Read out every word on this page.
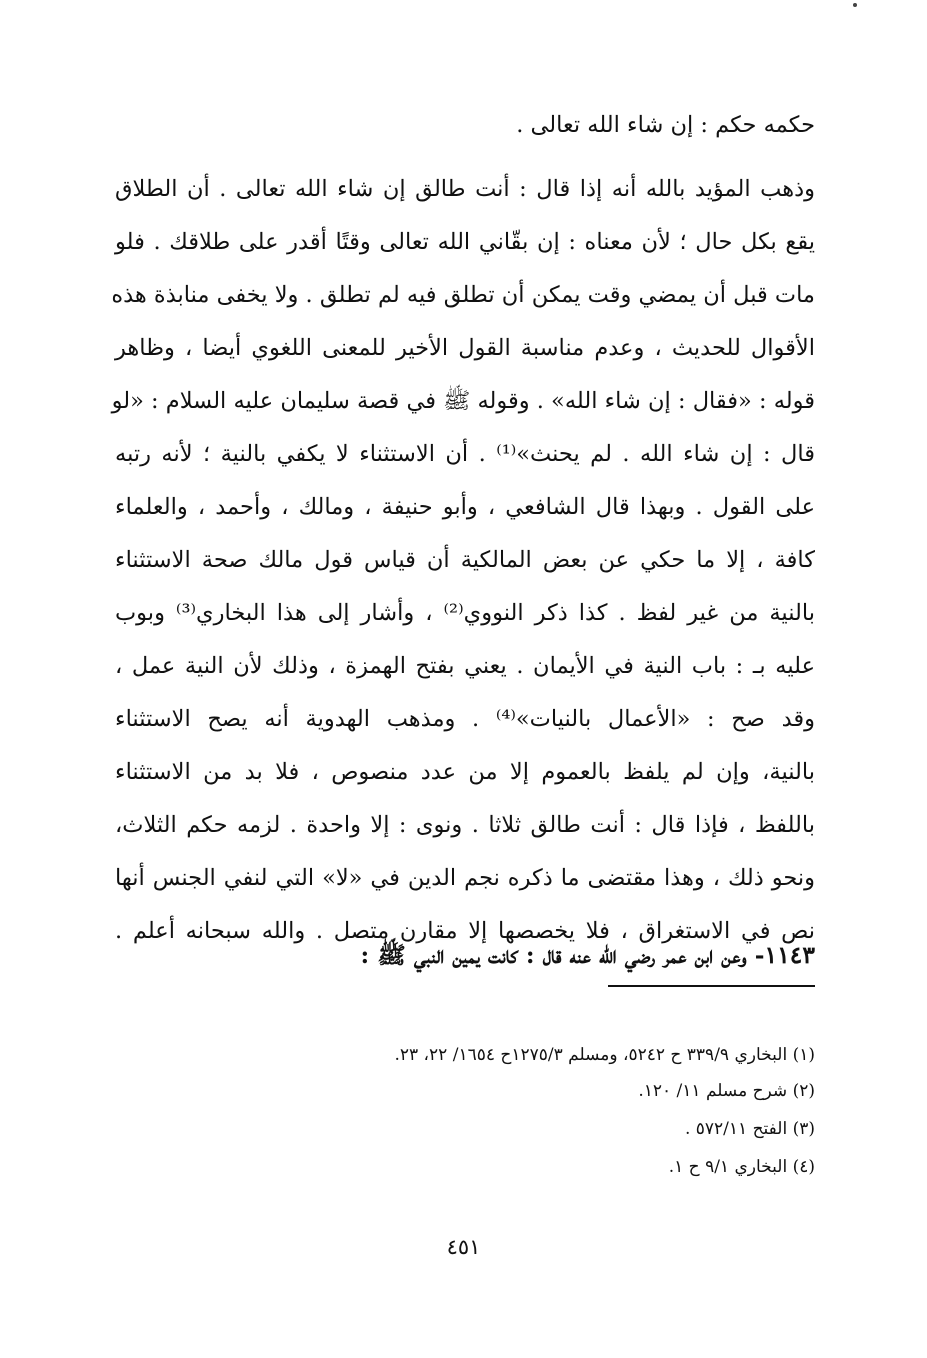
حكمه حكم : إن شاء الله تعالى .
وذهب المؤيد بالله أنه إذا قال : أنت طالق إن شاء الله تعالى . أن الطلاق
يقع بكل حال ؛ لأن معناه : إن بقّاني الله تعالى وقتًا أقدر على طلاقك . فلو
مات قبل أن يمضي وقت يمكن أن تطلق فيه لم تطلق . ولا يخفى منابذة هذه
الأقوال للحديث ، وعدم مناسبة القول الأخير للمعنى اللغوي أيضا ، وظاهر
قوله : «فقال : إن شاء الله» . وقوله ﷺ في قصة سليمان عليه السلام : «لو
قال : إن شاء الله . لم يحنث»⁽¹⁾ . أن الاستثناء لا يكفي بالنية ؛ لأنه رتبه
على القول . وبهذا قال الشافعي ، وأبو حنيفة ، ومالك ، وأحمد ، والعلماء
كافة ، إلا ما حكي عن بعض المالكية أن قياس قول مالك صحة الاستثناء
بالنية من غير لفظ . كذا ذكر النووي⁽²⁾ ، وأشار إلى هذا البخاري⁽³⁾ وبوب
عليه بـ : باب النية في الأيمان . يعني بفتح الهمزة ، وذلك لأن النية عمل ،
وقد صح : «الأعمال بالنيات»⁽⁴⁾ . ومذهب الهدوية أنه يصح الاستثناء
بالنية، وإن لم يلفظ بالعموم إلا من عدد منصوص ، فلا بد من الاستثناء
باللفظ ، فإذا قال : أنت طالق ثلاثا . ونوى : إلا واحدة . لزمه حكم الثلاث،
ونحو ذلك ، وهذا مقتضى ما ذكره نجم الدين في «لا» التي لنفي الجنس أنها
نص في الاستغراق ، فلا يخصصها إلا مقارن متصل . والله سبحانه أعلم .
١١٤٣- وعن ابن عمر رضي الله عنه قال : كانت يمين النبي ﷺ :
(١) البخاري ٣٣٩/٩ ح ٥٢٤٢، ومسلم ١٢٧٥/٣ح ١٦٥٤/ ٢٢، ٢٣.
(٢) شرح مسلم ١١/ ١٢٠.
(٣) الفتح ٥٧٢/١١ .
(٤) البخاري ٩/١ ح ١.
٤٥١
